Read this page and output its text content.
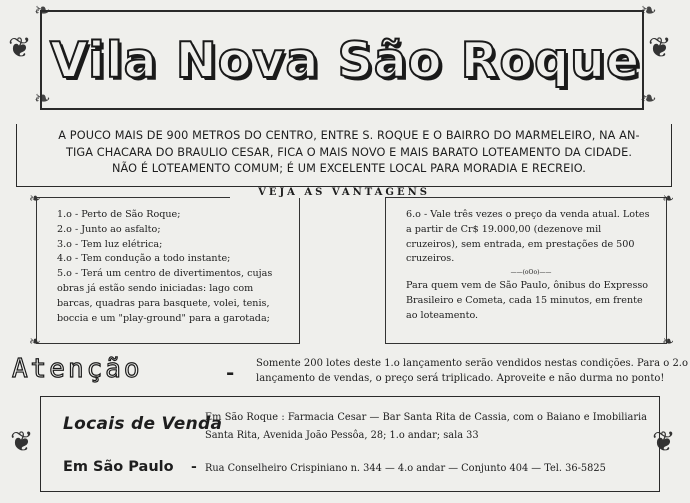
❦	❦
❧	❧
❧	❧
Vila Nova São Roque
A POUCO MAIS DE 900 METROS DO CENTRO, ENTRE S. ROQUE E O BAIRRO DO MARMELEIRO, NA AN-
TIGA CHACARA DO BRAULIO CESAR, FICA O MAIS NOVO E MAIS BARATO LOTEAMENTO DA CIDADE.
NÃO É LOTEAMENTO COMUM; É UM EXCELENTE LOCAL PARA MORADIA E RECREIO.
❧
❧
1.o - Perto de São Roque;
2.o - Junto ao asfalto;
3.o - Tem luz elétrica;
4.o - Tem condução a todo instante;
5.o - Terá um centro de divertimentos, cujas obras já estão sendo iniciadas: lago com barcas, quadras para basquete, volei, tenis, boccia e um "play-ground" para a garotada;
VEJA AS VANTAGENS	❧
❧
6.o - Vale três vezes o preço da venda atual. Lotes a partir de Cr$ 19.000,00 (dezenove mil cruzeiros), sem entrada, em prestações de 500 cruzeiros.
——(oOo)——
Para quem vem de São Paulo, ônibus do Expresso Brasileiro e Cometa, cada 15 minutos, em frente ao loteamento.
Atenção	- Somente 200 lotes deste 1.o lançamento serão vendidos nestas condições. Para o 2.o lançamento de vendas, o preço será triplicado. Aproveite e não durma no ponto!
❦	❦
Locais de Venda
Em São Roque : Farmacia Cesar — Bar Santa Rita de Cassia, com o Baiano e Imobiliaria Santa Rita, Avenida João Pessôa, 28; 1.o andar; sala 33
Em São Paulo - Rua Conselheiro Crispiniano n. 344 — 4.o andar — Conjunto 404 — Tel. 36-5825
